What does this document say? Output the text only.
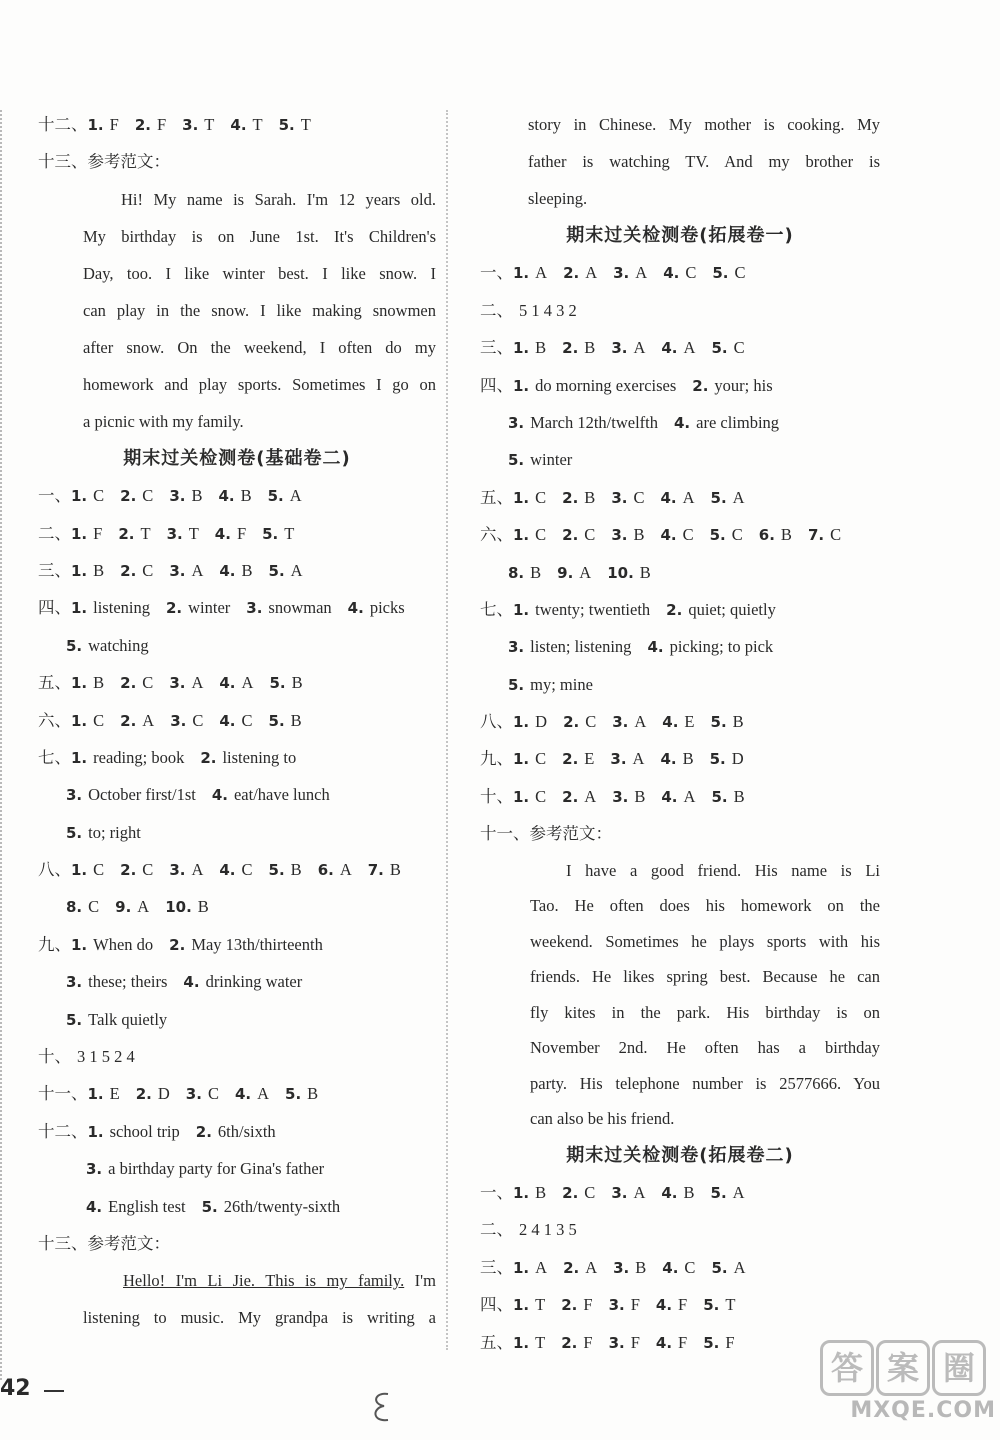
十二、1. F 2. F 3. T 4. T 5. T
十三、参考范文：
Hi! My name is Sarah. I'm 12 years old.
My birthday is on June 1st. It's Children's
Day, too. I like winter best. I like snow. I
can play in the snow. I like making snowmen
after snow. On the weekend, I often do my
homework and play sports. Sometimes I go on
a picnic with my family.
期末过关检测卷(基础卷二)
一、1. C 2. C 3. B 4. B 5. A
二、1. F 2. T 3. T 4. F 5. T
三、1. B 2. C 3. A 4. B 5. A
四、1. listening 2. winter 3. snowman 4. picks
5. watching
五、1. B 2. C 3. A 4. A 5. B
六、1. C 2. A 3. C 4. C 5. B
七、1. reading; book 2. listening to
3. October first/1st 4. eat/have lunch
5. to; right
八、1. C 2. C 3. A 4. C 5. B 6. A 7. B
8. C 9. A 10. B
九、1. When do 2. May 13th/thirteenth
3. these; theirs 4. drinking water
5. Talk quietly
十、 3 1 5 2 4
十一、1. E 2. D 3. C 4. A 5. B
十二、1. school trip 2. 6th/sixth
3. a birthday party for Gina's father
4. English test 5. 26th/twenty-sixth
十三、参考范文：
Hello! I'm Li Jie. This is my family. I'm
listening to music. My grandpa is writing a
story in Chinese. My mother is cooking. My
father is watching TV. And my brother is
sleeping.
期末过关检测卷(拓展卷一)
一、1. A 2. A 3. A 4. C 5. C
二、 5 1 4 3 2
三、1. B 2. B 3. A 4. A 5. C
四、1. do morning exercises 2. your; his
3. March 12th/twelfth 4. are climbing
5. winter
五、1. C 2. B 3. C 4. A 5. A
六、1. C 2. C 3. B 4. C 5. C 6. B 7. C
8. B 9. A 10. B
七、1. twenty; twentieth 2. quiet; quietly
3. listen; listening 4. picking; to pick
5. my; mine
八、1. D 2. C 3. A 4. E 5. B
九、1. C 2. E 3. A 4. B 5. D
十、1. C 2. A 3. B 4. A 5. B
十一、参考范文：
I have a good friend. His name is Li
Tao. He often does his homework on the
weekend. Sometimes he plays sports with his
friends. He likes spring best. Because he can
fly kites in the park. His birthday is on
November 2nd. He often has a birthday
party. His telephone number is 2577666. You
can also be his friend.
期末过关检测卷(拓展卷二)
一、1. B 2. C 3. A 4. B 5. A
二、 2 4 1 3 5
三、1. A 2. A 3. B 4. C 5. A
四、1. T 2. F 3. F 4. F 5. T
五、1. T 2. F 3. F 4. F 5. F
42
答 案 圈
MXQE.COM
